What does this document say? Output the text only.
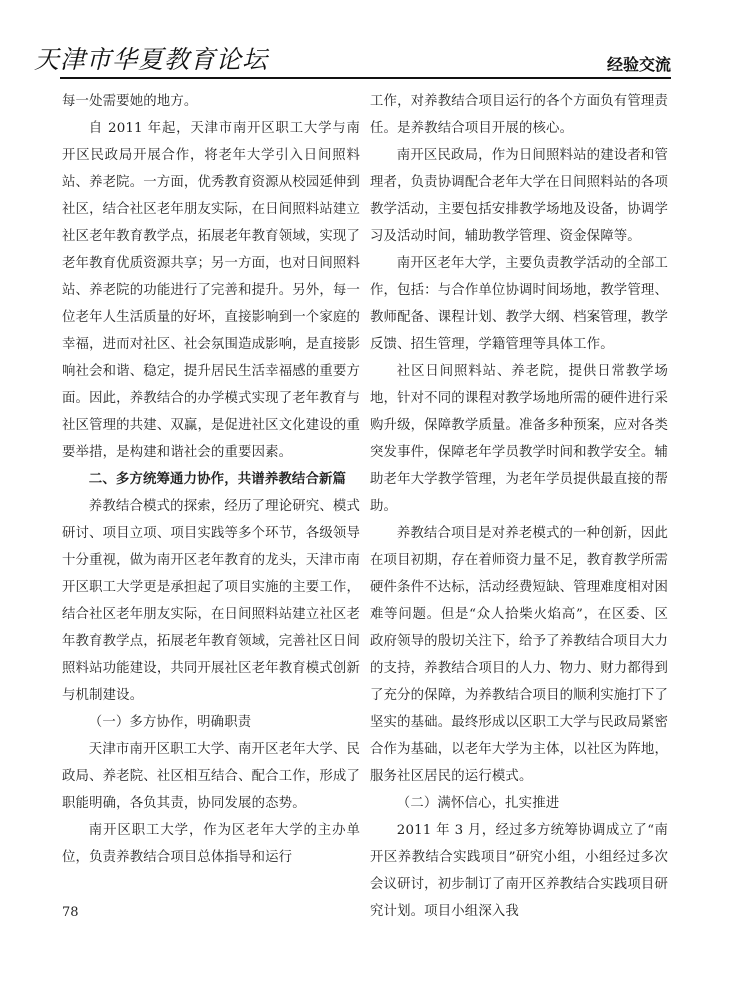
天津市华夏教育论坛	经验交流

每一处需要她的地方。

自 2011 年起，天津市南开区职工大学与南开区民政局开展合作，将老年大学引入日间照料站、养老院。一方面，优秀教育资源从校园延伸到社区，结合社区老年朋友实际，在日间照料站建立社区老年教育教学点，拓展老年教育领域，实现了老年教育优质资源共享；另一方面，也对日间照料站、养老院的功能进行了完善和提升。另外，每一位老年人生活质量的好坏，直接影响到一个家庭的幸福，进而对社区、社会氛围造成影响，是直接影响社会和谐、稳定，提升居民生活幸福感的重要方面。因此，养教结合的办学模式实现了老年教育与社区管理的共建、双赢，是促进社区文化建设的重要举措，是构建和谐社会的重要因素。

二、多方统筹通力协作，共谱养教结合新篇

养教结合模式的探索，经历了理论研究、模式研讨、项目立项、项目实践等多个环节，各级领导十分重视，做为南开区老年教育的龙头，天津市南开区职工大学更是承担起了项目实施的主要工作，结合社区老年朋友实际，在日间照料站建立社区老年教育教学点，拓展老年教育领域，完善社区日间照料站功能建设，共同开展社区老年教育模式创新与机制建设。

（一）多方协作，明确职责

天津市南开区职工大学、南开区老年大学、民政局、养老院、社区相互结合、配合工作，形成了职能明确，各负其责，协同发展的态势。

南开区职工大学，作为区老年大学的主办单位，负责养教结合项目总体指导和运行

工作，对养教结合项目运行的各个方面负有管理责任。是养教结合项目开展的核心。

南开区民政局，作为日间照料站的建设者和管理者，负责协调配合老年大学在日间照料站的各项教学活动，主要包括安排教学场地及设备，协调学习及活动时间，辅助教学管理、资金保障等。

南开区老年大学，主要负责教学活动的全部工作，包括：与合作单位协调时间场地，教学管理、教师配备、课程计划、教学大纲、档案管理，教学反馈、招生管理，学籍管理等具体工作。

社区日间照料站、养老院，提供日常教学场地，针对不同的课程对教学场地所需的硬件进行采购升级，保障教学质量。准备多种预案，应对各类突发事件，保障老年学员教学时间和教学安全。辅助老年大学教学管理，为老年学员提供最直接的帮助。

养教结合项目是对养老模式的一种创新，因此在项目初期，存在着师资力量不足，教育教学所需硬件条件不达标，活动经费短缺、管理难度相对困难等问题。但是“众人拾柴火焰高”，在区委、区政府领导的殷切关注下，给予了养教结合项目大力的支持，养教结合项目的人力、物力、财力都得到了充分的保障，为养教结合项目的顺利实施打下了坚实的基础。最终形成以区职工大学与民政局紧密合作为基础，以老年大学为主体，以社区为阵地，服务社区居民的运行模式。

（二）满怀信心，扎实推进

2011 年 3 月，经过多方统筹协调成立了“南开区养教结合实践项目”研究小组，小组经过多次会议研讨，初步制订了南开区养教结合实践项目研究计划。项目小组深入我

78
